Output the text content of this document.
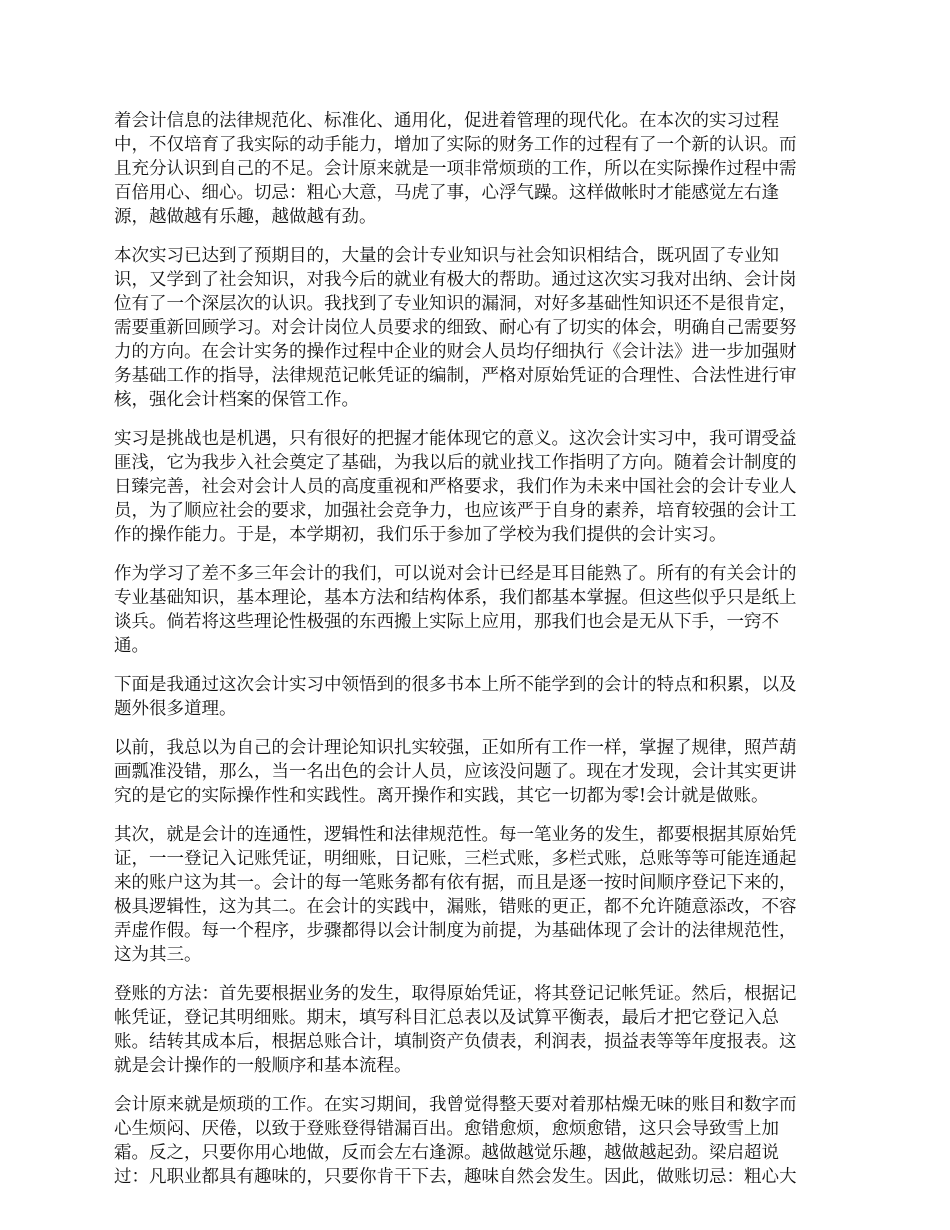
着会计信息的法律规范化、标准化、通用化，促进着管理的现代化。在本次的实习过程
中，不仅培育了我实际的动手能力，增加了实际的财务工作的过程有了一个新的认识。而
且充分认识到自己的不足。会计原来就是一项非常烦琐的工作，所以在实际操作过程中需
百倍用心、细心。切忌：粗心大意，马虎了事，心浮气躁。这样做帐时才能感觉左右逢
源，越做越有乐趣，越做越有劲。

本次实习已达到了预期目的，大量的会计专业知识与社会知识相结合，既巩固了专业知
识，又学到了社会知识，对我今后的就业有极大的帮助。通过这次实习我对出纳、会计岗
位有了一个深层次的认识。我找到了专业知识的漏洞，对好多基础性知识还不是很肯定，
需要重新回顾学习。对会计岗位人员要求的细致、耐心有了切实的体会，明确自己需要努
力的方向。在会计实务的操作过程中企业的财会人员均仔细执行《会计法》进一步加强财
务基础工作的指导，法律规范记帐凭证的编制，严格对原始凭证的合理性、合法性进行审
核，强化会计档案的保管工作。

实习是挑战也是机遇，只有很好的把握才能体现它的意义。这次会计实习中，我可谓受益
匪浅，它为我步入社会奠定了基础，为我以后的就业找工作指明了方向。随着会计制度的
日臻完善，社会对会计人员的高度重视和严格要求，我们作为未来中国社会的会计专业人
员，为了顺应社会的要求，加强社会竞争力，也应该严于自身的素养，培育较强的会计工
作的操作能力。于是，本学期初，我们乐于参加了学校为我们提供的会计实习。

作为学习了差不多三年会计的我们，可以说对会计已经是耳目能熟了。所有的有关会计的
专业基础知识，基本理论，基本方法和结构体系，我们都基本掌握。但这些似乎只是纸上
谈兵。倘若将这些理论性极强的东西搬上实际上应用，那我们也会是无从下手，一窍不
通。

下面是我通过这次会计实习中领悟到的很多书本上所不能学到的会计的特点和积累，以及
题外很多道理。

以前，我总以为自己的会计理论知识扎实较强，正如所有工作一样，掌握了规律，照芦葫
画瓢准没错，那么，当一名出色的会计人员，应该没问题了。现在才发现，会计其实更讲
究的是它的实际操作性和实践性。离开操作和实践，其它一切都为零!会计就是做账。

其次，就是会计的连通性，逻辑性和法律规范性。每一笔业务的发生，都要根据其原始凭
证，一一登记入记账凭证，明细账，日记账，三栏式账，多栏式账，总账等等可能连通起
来的账户这为其一。会计的每一笔账务都有依有据，而且是逐一按时间顺序登记下来的，
极具逻辑性，这为其二。在会计的实践中，漏账，错账的更正，都不允许随意添改，不容
弄虚作假。每一个程序，步骤都得以会计制度为前提，为基础体现了会计的法律规范性，
这为其三。

登账的方法：首先要根据业务的发生，取得原始凭证，将其登记记帐凭证。然后，根据记
帐凭证，登记其明细账。期末，填写科目汇总表以及试算平衡表，最后才把它登记入总
账。结转其成本后，根据总账合计，填制资产负债表，利润表，损益表等等年度报表。这
就是会计操作的一般顺序和基本流程。

会计原来就是烦琐的工作。在实习期间，我曾觉得整天要对着那枯燥无味的账目和数字而
心生烦闷、厌倦，以致于登账登得错漏百出。愈错愈烦，愈烦愈错，这只会导致雪上加
霜。反之，只要你用心地做，反而会左右逢源。越做越觉乐趣，越做越起劲。梁启超说
过：凡职业都具有趣味的，只要你肯干下去，趣味自然会发生。因此，做账切忌：粗心大
